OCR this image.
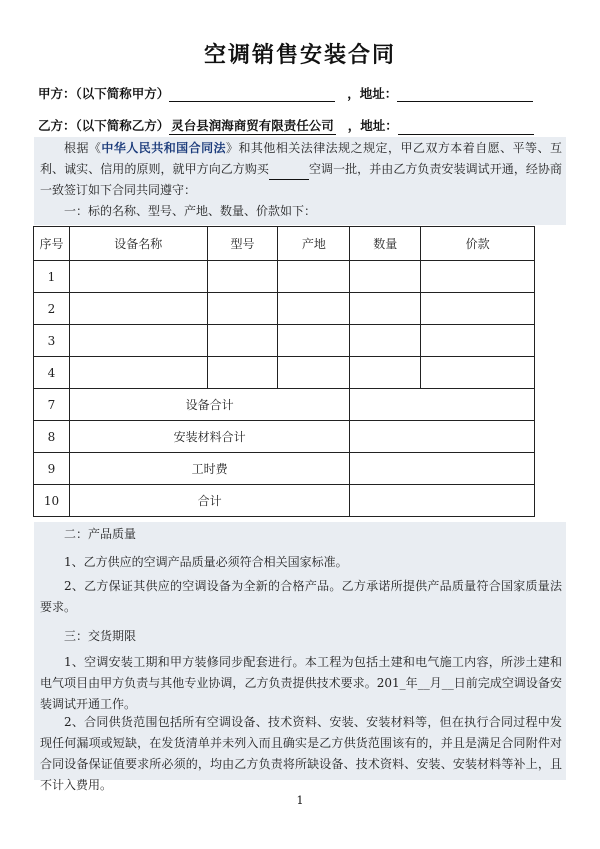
空调销售安装合同
甲方：（以下简称甲方）	，地址：
乙方：（以下简称乙方） 灵台县润海商贸有限责任公司 ，地址：
根据《中华人民共和国合同法》和其他相关法律法规之规定，甲乙双方本着自愿、平等、互利、诚实、信用的原则，就甲方向乙方购买	空调一批，并由乙方负责安装调试开通，经协商一致签订如下合同共同遵守：
一：标的名称、型号、产地、数量、价款如下：
序号	设备名称	型号	产地	数量	价款
1					
2					
3					
4					
7	设备合计				
8	安装材料合计				
9	工时费				
10	合计				
二：产品质量
1、乙方供应的空调产品质量必须符合相关国家标准。
2、乙方保证其供应的空调设备为全新的合格产品。乙方承诺所提供产品质量符合国家质量法要求。
三：交货期限
1、空调安装工期和甲方装修同步配套进行。本工程为包括土建和电气施工内容，所涉土建和电气项目由甲方负责与其他专业协调，乙方负责提供技术要求。201_年__月__日前完成空调设备安装调试开通工作。
2、合同供货范围包括所有空调设备、技术资料、安装、安装材料等，但在执行合同过程中发现任何漏项或短缺，在发货清单并未列入而且确实是乙方供货范围该有的，并且是满足合同附件对合同设备保证值要求所必须的，均由乙方负责将所缺设备、技术资料、安装、安装材料等补上，且不计入费用。
1
